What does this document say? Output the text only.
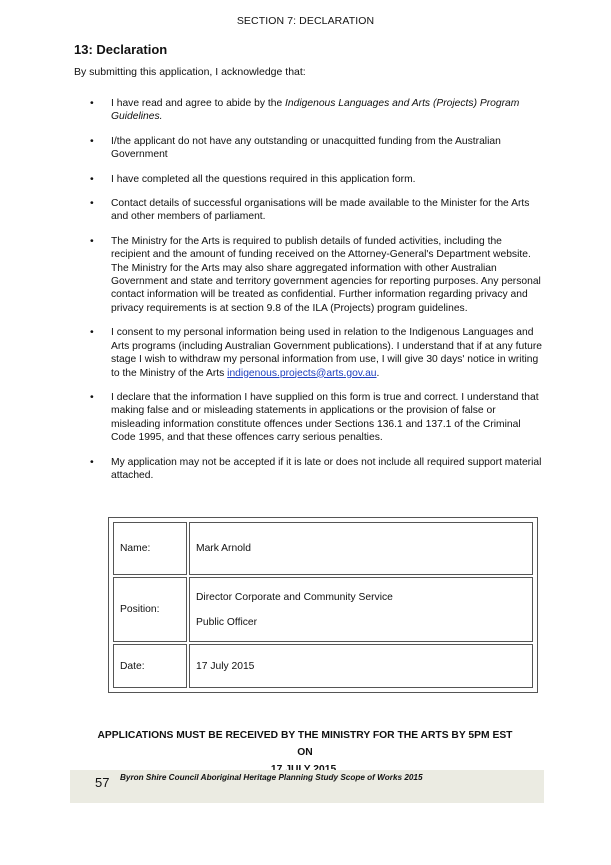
SECTION 7: DECLARATION
13: Declaration
By submitting this application, I acknowledge that:
• I have read and agree to abide by the Indigenous Languages and Arts (Projects) Program Guidelines.
• I/the applicant do not have any outstanding or unacquitted funding from the Australian Government
• I have completed all the questions required in this application form.
• Contact details of successful organisations will be made available to the Minister for the Arts and other members of parliament.
• The Ministry for the Arts is required to publish details of funded activities, including the recipient and the amount of funding received on the Attorney-General's Department website. The Ministry for the Arts may also share aggregated information with other Australian Government and state and territory government agencies for reporting purposes. Any personal contact information will be treated as confidential. Further information regarding privacy and privacy requirements is at section 9.8 of the ILA (Projects) program guidelines.
• I consent to my personal information being used in relation to the Indigenous Languages and Arts programs (including Australian Government publications). I understand that if at any future stage I wish to withdraw my personal information from use, I will give 30 days' notice in writing to the Ministry of the Arts indigenous.projects@arts.gov.au.
• I declare that the information I have supplied on this form is true and correct. I understand that making false and or misleading statements in applications or the provision of false or misleading information constitute offences under Sections 136.1 and 137.1 of the Criminal Code 1995, and that these offences carry serious penalties.
• My application may not be accepted if it is late or does not include all required support material attached.
Name:	Mark Arnold
Position:	Director Corporate and Community Service
Public Officer

Date:	17 July 2015
APPLICATIONS MUST BE RECEIVED BY THE MINISTRY FOR THE ARTS BY 5PM EST ON
57 Byron Shire Council Aboriginal Heritage Planning Study Scope of Works 2015
